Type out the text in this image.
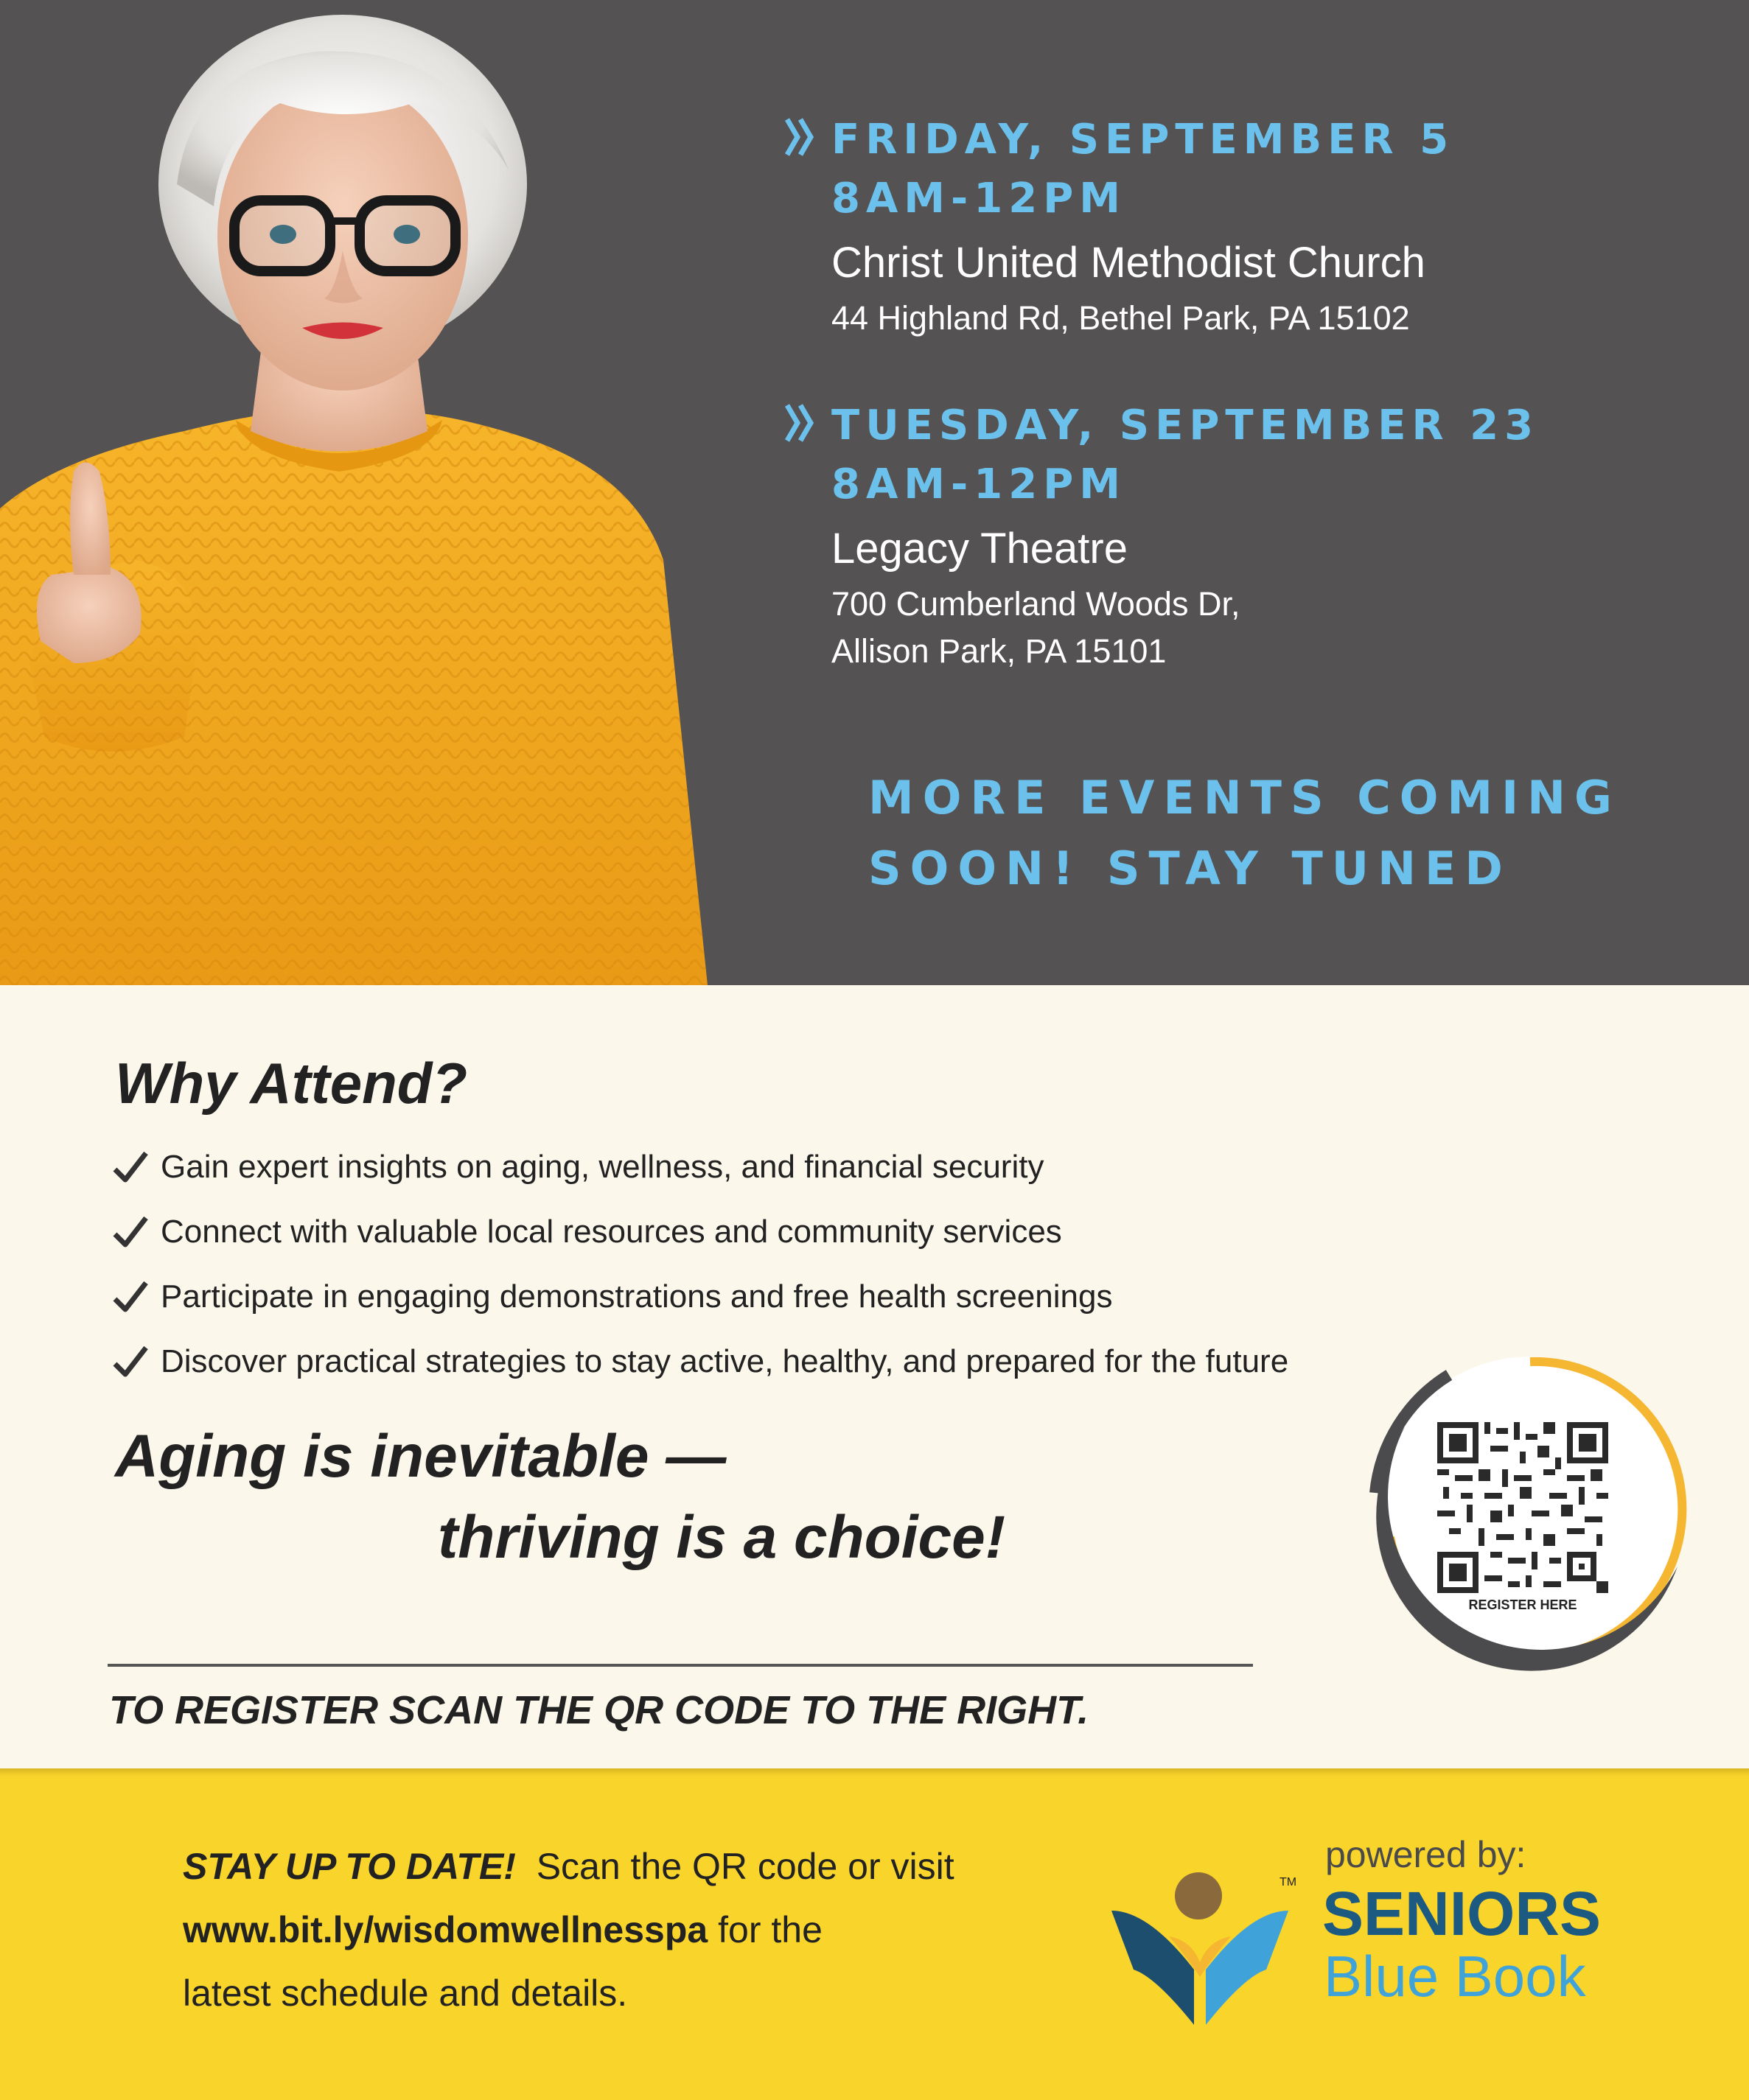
FRIDAY, SEPTEMBER 5
8AM-12PM
Christ United Methodist Church
44 Highland Rd, Bethel Park, PA 15102
TUESDAY, SEPTEMBER 23
8AM-12PM
Legacy Theatre
700 Cumberland Woods Dr,
Allison Park, PA 15101
MORE EVENTS COMING
SOON! STAY TUNED
Why Attend?
Gain expert insights on aging, wellness, and financial security
Connect with valuable local resources and community services
Participate in engaging demonstrations and free health screenings
Discover practical strategies to stay active, healthy, and prepared for the future
Aging is inevitable —
thriving is a choice!
TO REGISTER SCAN THE QR CODE TO THE RIGHT.
REGISTER HERE
STAY UP TO DATE! Scan the QR code or visit
www.bit.ly/wisdomwellnesspa for the
latest schedule and details.
TM
powered by:
SENIORS
Blue Book
